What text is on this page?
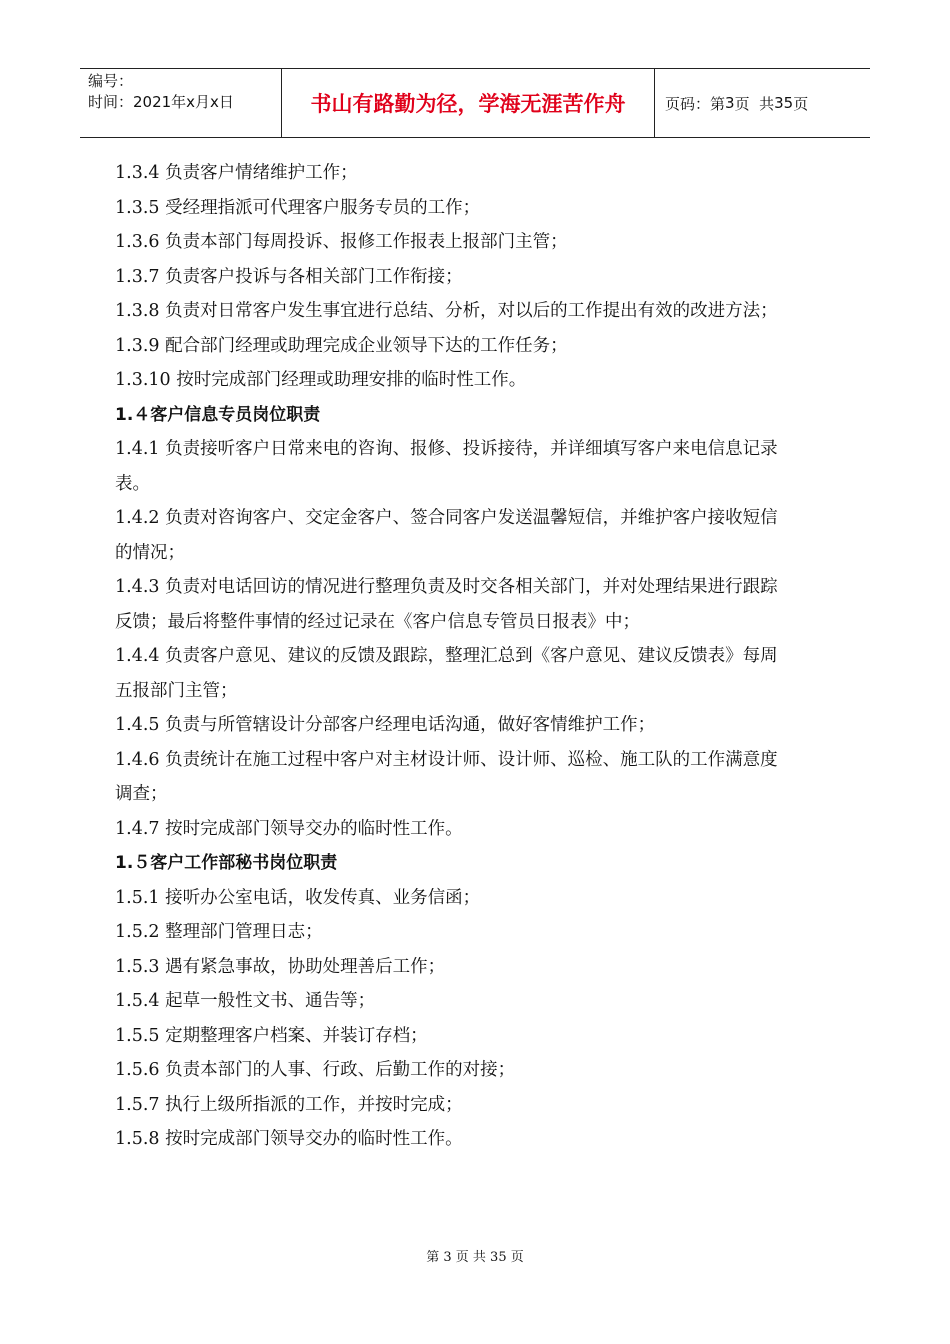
编号：
时间：2021年x月x日	书山有路勤为径，学海无涯苦作舟	页码：第 3 页  共 35 页
1.3.4 负责客户情绪维护工作；
1.3.5 受经理指派可代理客户服务专员的工作；
1.3.6 负责本部门每周投诉、报修工作报表上报部门主管；
1.3.7 负责客户投诉与各相关部门工作衔接；
1.3.8 负责对日常客户发生事宜进行总结、分析，对以后的工作提出有效的改进方法；
1.3.9 配合部门经理或助理完成企业领导下达的工作任务；
1.3.10 按时完成部门经理或助理安排的临时性工作。
1.４客户信息专员岗位职责
1.4.1 负责接听客户日常来电的咨询、报修、投诉接待，并详细填写客户来电信息记录
表。
1.4.2 负责对咨询客户、交定金客户、签合同客户发送温馨短信，并维护客户接收短信
的情况；
1.4.3 负责对电话回访的情况进行整理负责及时交各相关部门，并对处理结果进行跟踪
反馈；最后将整件事情的经过记录在《客户信息专管员日报表》中；
1.4.4 负责客户意见、建议的反馈及跟踪，整理汇总到《客户意见、建议反馈表》每周
五报部门主管；
1.4.5 负责与所管辖设计分部客户经理电话沟通，做好客情维护工作；
1.4.6 负责统计在施工过程中客户对主材设计师、设计师、巡检、施工队的工作满意度
调查；
1.4.7 按时完成部门领导交办的临时性工作。
1.５客户工作部秘书岗位职责
1.5.1 接听办公室电话，收发传真、业务信函；
1.5.2 整理部门管理日志；
1.5.3 遇有紧急事故，协助处理善后工作；
1.5.4 起草一般性文书、通告等；
1.5.5 定期整理客户档案、并装订存档；
1.5.6 负责本部门的人事、行政、后勤工作的对接；
1.5.7 执行上级所指派的工作，并按时完成；
1.5.8 按时完成部门领导交办的临时性工作。
第 3 页 共 35 页
